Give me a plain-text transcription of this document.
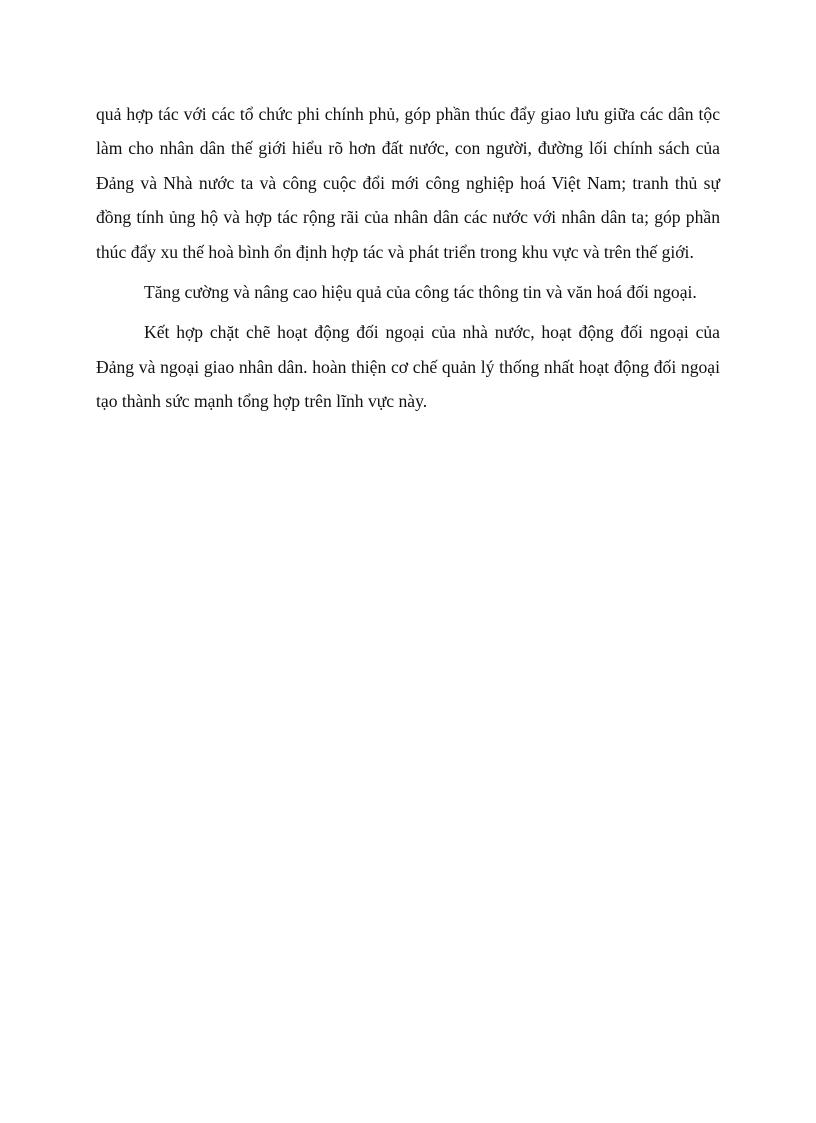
quả hợp tác với các tổ chức phi chính phủ, góp phần thúc đẩy giao lưu giữa các dân tộc làm cho nhân dân thế giới hiểu rõ hơn đất nước, con người, đường lối chính sách của Đảng và Nhà nước ta và công cuộc đổi mới công nghiệp hoá Việt Nam; tranh thủ sự đồng tính ủng hộ và hợp tác rộng rãi của nhân dân các nước với nhân dân ta; góp phần thúc đẩy xu thế hoà bình ổn định hợp tác và phát triển trong khu vực và trên thế giới.

Tăng cường và nâng cao hiệu quả của công tác thông tin và văn hoá đối ngoại.

Kết hợp chặt chẽ hoạt động đối ngoại của nhà nước, hoạt động đối ngoại của Đảng và ngoại giao nhân dân. hoàn thiện cơ chế quản lý thống nhất hoạt động đối ngoại tạo thành sức mạnh tổng hợp trên lĩnh vực này.
